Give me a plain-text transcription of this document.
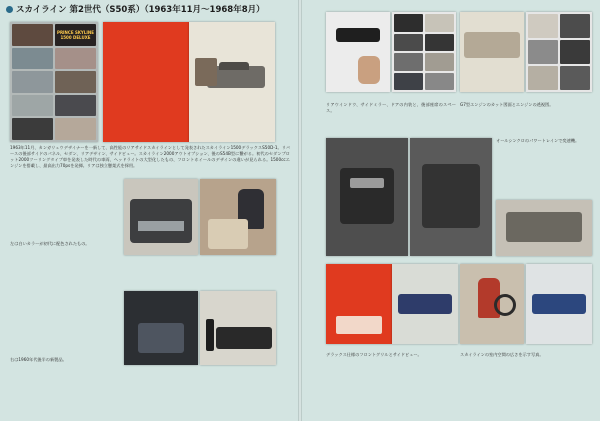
スカイライン 第2世代（S50系）（1963年11月〜1968年8月）
PRINCE SKYLINE 1500 DELUXE
1963年11月、カンガリュウデザイナーを一新して、高性能のリアサイドスカイラインとして発表されたスカイライン1500デラックスS50D-1。リバースの後部サイドのパネル、セダン、リアデザイン、サイドビュー。スカイライン2000アウトオプション、後のS54B型に繋がる。初代のセダンプロット2000ツーリングタイプ車を発表した時代の車両、ヘッドライトの大型化したもの、フロントホイールのデザインの違いが見られる。1500ccエンジンを搭載し、最高出力70psを発揮。リアは独立懸架式を採用。
左は白いカラーが初代に配色されたもの。
右は1960年代後半の新製品。
リアウインドウ、サイドミラー、ドアの内装と、後部座席のスペース。
G7型エンジンのカット図面とエンジンの透視図。
オールシンクロのパワートレインで変速機。
デラックス仕様のフロントグリルとサイドビュー。	スカイラインの室内空間の広さを示す写真。
